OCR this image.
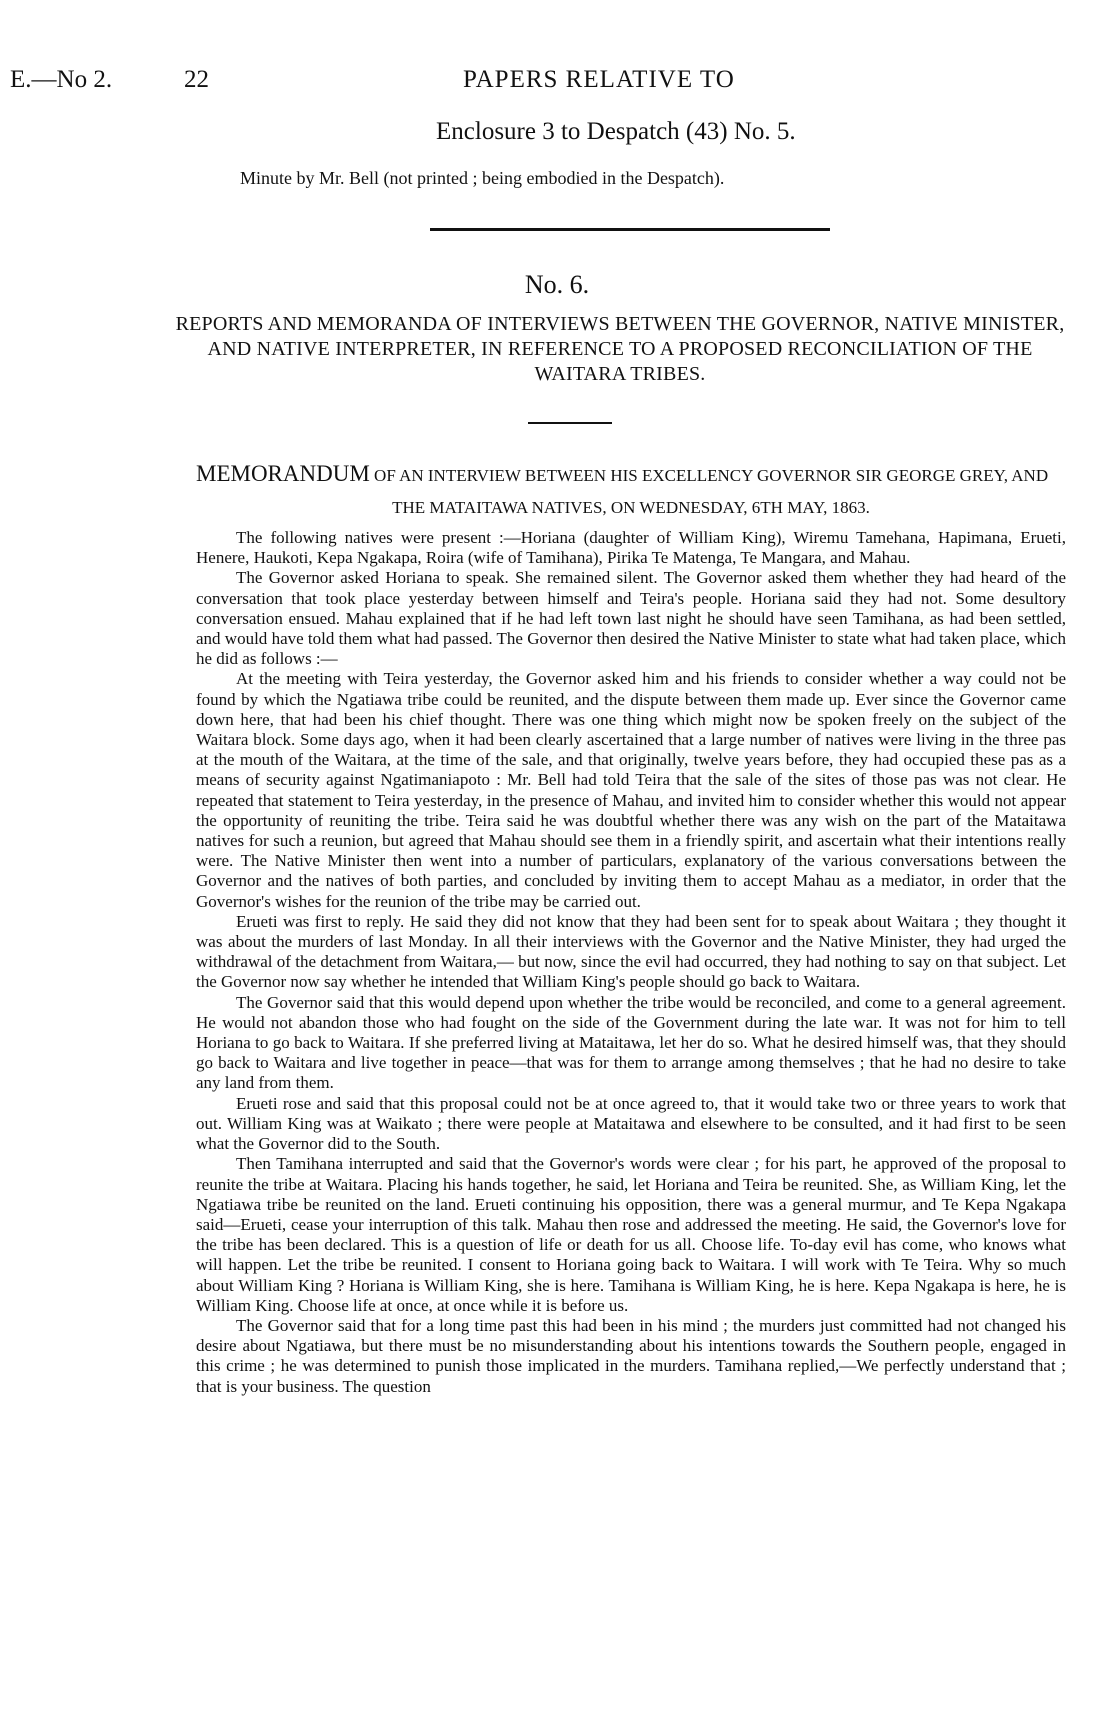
E.—No 2.	22	PAPERS RELATIVE TO
Enclosure 3 to Despatch (43) No. 5.
Minute by Mr. Bell (not printed ; being embodied in the Despatch).
No. 6.
REPORTS AND MEMORANDA OF INTERVIEWS BETWEEN THE GOVERNOR, NATIVE MINISTER, AND NATIVE INTERPRETER, IN REFERENCE TO A PROPOSED RECONCILIATION OF THE WAITARA TRIBES.
MEMORANDUM OF AN INTERVIEW BETWEEN HIS EXCELLENCY GOVERNOR SIR GEORGE GREY, AND
THE MATAITAWA NATIVES, ON WEDNESDAY, 6TH MAY, 1863.

The following natives were present :—Horiana (daughter of William King), Wiremu Tamehana, Hapimana, Erueti, Henere, Haukoti, Kepa Ngakapa, Roira (wife of Tamihana), Pirika Te Matenga, Te Mangara, and Mahau.

The Governor asked Horiana to speak. She remained silent. The Governor asked them whether they had heard of the conversation that took place yesterday between himself and Teira's people. Horiana said they had not. Some desultory conversation ensued. Mahau explained that if he had left town last night he should have seen Tamihana, as had been settled, and would have told them what had passed. The Governor then desired the Native Minister to state what had taken place, which he did as follows :—

At the meeting with Teira yesterday, the Governor asked him and his friends to consider whether a way could not be found by which the Ngatiawa tribe could be reunited, and the dispute between them made up. Ever since the Governor came down here, that had been his chief thought. There was one thing which might now be spoken freely on the subject of the Waitara block. Some days ago, when it had been clearly ascertained that a large number of natives were living in the three pas at the mouth of the Waitara, at the time of the sale, and that originally, twelve years before, they had occupied these pas as a means of security against Ngatimaniapoto : Mr. Bell had told Teira that the sale of the sites of those pas was not clear. He repeated that statement to Teira yesterday, in the presence of Mahau, and invited him to consider whether this would not appear the opportunity of reuniting the tribe. Teira said he was doubtful whether there was any wish on the part of the Mataitawa natives for such a reunion, but agreed that Mahau should see them in a friendly spirit, and ascertain what their intentions really were. The Native Minister then went into a number of particulars, explanatory of the various conversations between the Governor and the natives of both parties, and concluded by inviting them to accept Mahau as a mediator, in order that the Governor's wishes for the reunion of the tribe may be carried out.

Erueti was first to reply. He said they did not know that they had been sent for to speak about Waitara ; they thought it was about the murders of last Monday. In all their interviews with the Governor and the Native Minister, they had urged the withdrawal of the detachment from Waitara,— but now, since the evil had occurred, they had nothing to say on that subject. Let the Governor now say whether he intended that William King's people should go back to Waitara.

The Governor said that this would depend upon whether the tribe would be reconciled, and come to a general agreement. He would not abandon those who had fought on the side of the Government during the late war. It was not for him to tell Horiana to go back to Waitara. If she preferred living at Mataitawa, let her do so. What he desired himself was, that they should go back to Waitara and live together in peace—that was for them to arrange among themselves ; that he had no desire to take any land from them.

Erueti rose and said that this proposal could not be at once agreed to, that it would take two or three years to work that out. William King was at Waikato ; there were people at Mataitawa and elsewhere to be consulted, and it had first to be seen what the Governor did to the South.

Then Tamihana interrupted and said that the Governor's words were clear ; for his part, he approved of the proposal to reunite the tribe at Waitara. Placing his hands together, he said, let Horiana and Teira be reunited. She, as William King, let the Ngatiawa tribe be reunited on the land. Erueti continuing his opposition, there was a general murmur, and Te Kepa Ngakapa said—Erueti, cease your interruption of this talk. Mahau then rose and addressed the meeting. He said, the Governor's love for the tribe has been declared. This is a question of life or death for us all. Choose life. To-day evil has come, who knows what will happen. Let the tribe be reunited. I consent to Horiana going back to Waitara. I will work with Te Teira. Why so much about William King ? Horiana is William King, she is here. Tamihana is William King, he is here. Kepa Ngakapa is here, he is William King. Choose life at once, at once while it is before us.

The Governor said that for a long time past this had been in his mind ; the murders just committed had not changed his desire about Ngatiawa, but there must be no misunderstanding about his intentions towards the Southern people, engaged in this crime ; he was determined to punish those implicated in the murders. Tamihana replied,—We perfectly understand that ; that is your business. The question
